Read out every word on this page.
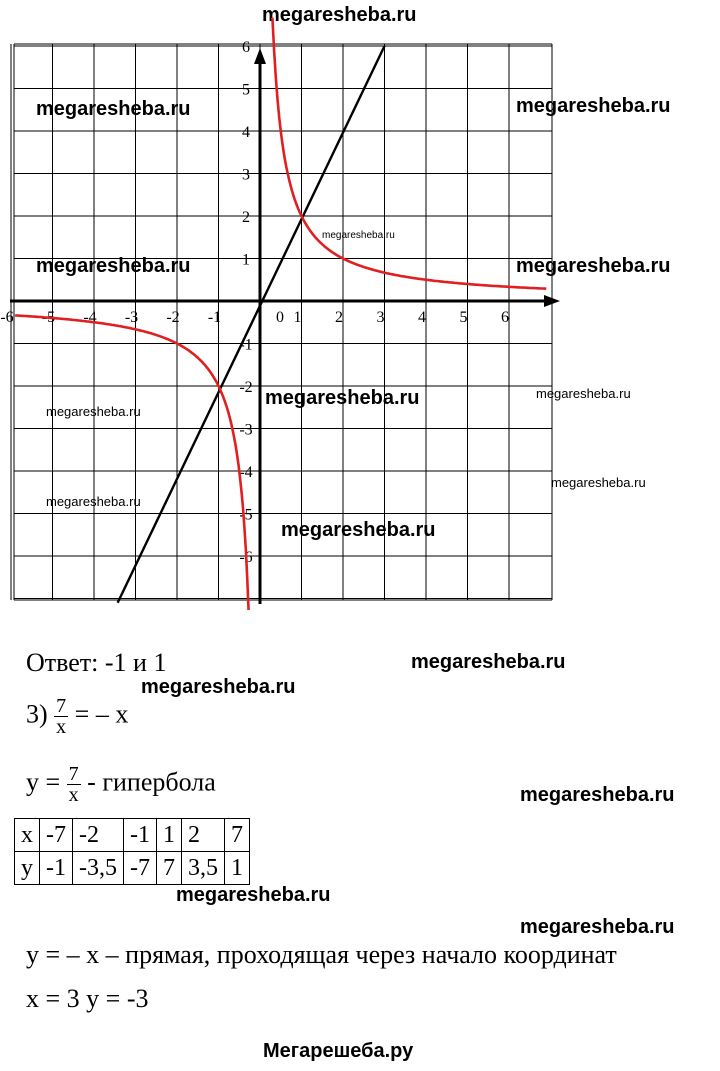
megaresheba.ru
Мегарешеба.ру
-6 -5 -4 -3 -2 -1	0 1 2 3 4 5 6
6
5
4
3
2
1
-1
-2
-3
-4
-5
-6
megaresheba.ru	megaresheba.ru
megaresheba.ru
megaresheba.ru	megaresheba.ru
megaresheba.ru	megaresheba.ru
megaresheba.ru
megaresheba.ru
megaresheba.ru
megaresheba.ru
Ответ: -1 и 1	megaresheba.ru
megaresheba.ru
$3) \frac{7}{x}$ = – x
$y = \frac{7}{x}$ - гипербола	megaresheba.ru
x	-7	-2	-1	1	2	7
y	-1	-3,5	-7	7	3,5	1
megaresheba.ru
megaresheba.ru
y = – x – прямая, проходящая через начало координат
x = 3 y = -3
